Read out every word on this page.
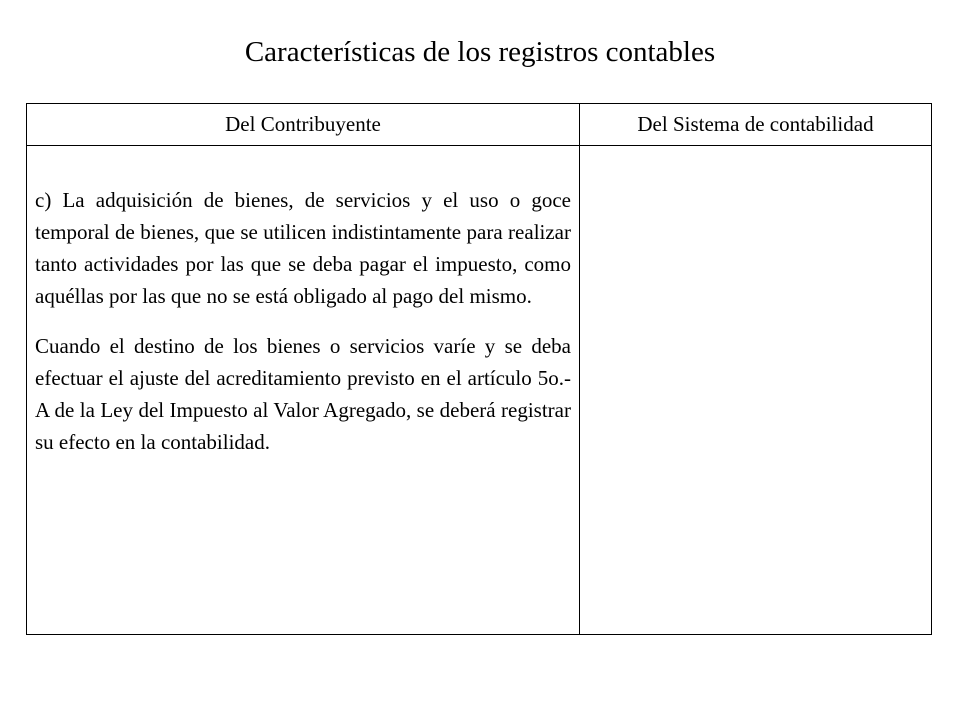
Características de los registros contables
Del Contribuyente	Del Sistema de contabilidad

c) La adquisición de bienes, de servicios y el uso o goce temporal de bienes, que se utilicen indistintamente para realizar tanto actividades por las que se deba pagar el impuesto, como aquéllas por las que no se está obligado al pago del mismo.

Cuando el destino de los bienes o servicios varíe y se deba efectuar el ajuste del acreditamiento previsto en el artículo 5o.-A de la Ley del Impuesto al Valor Agregado, se deberá registrar su efecto en la contabilidad.	
